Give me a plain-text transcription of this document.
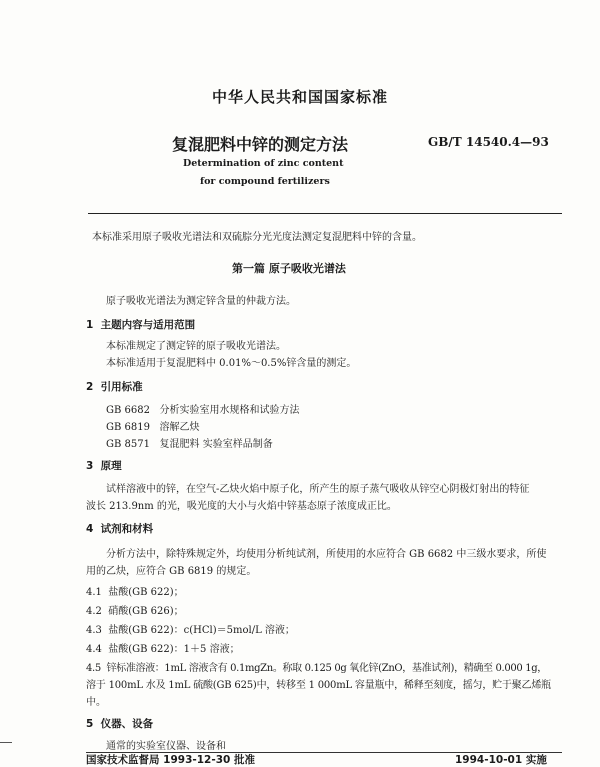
中华人民共和国国家标准
复混肥料中锌的测定方法	GB/T 14540.4—93
Determination of zinc content
for compound fertilizers
本标准采用原子吸收光谱法和双硫腙分光光度法测定复混肥料中锌的含量。
第一篇 原子吸收光谱法
原子吸收光谱法为测定锌含量的仲裁方法。
1 主题内容与适用范围
本标准规定了测定锌的原子吸收光谱法。
本标准适用于复混肥料中 0.01%～0.5%锌含量的测定。
2 引用标准
GB 6682 分析实验室用水规格和试验方法
GB 6819 溶解乙炔
GB 8571 复混肥料 实验室样品制备
3 原理
试样溶液中的锌，在空气-乙炔火焰中原子化，所产生的原子蒸气吸收从锌空心阴极灯射出的特征
波长 213.9nm 的光，吸光度的大小与火焰中锌基态原子浓度成正比。
4 试剂和材料
分析方法中，除特殊规定外，均使用分析纯试剂，所使用的水应符合 GB 6682 中三级水要求，所使
用的乙炔，应符合 GB 6819 的规定。
4.1 盐酸(GB 622)；
4.2 硝酸(GB 626)；
4.3 盐酸(GB 622)：c(HCl)＝5mol/L 溶液；
4.4 盐酸(GB 622)：1＋5 溶液；
4.5 锌标准溶液：1mL 溶液含有 0.1mgZn。称取 0.125 0g 氧化锌(ZnO，基准试剂)，精确至 0.000 1g，
溶于 100mL 水及 1mL 硫酸(GB 625)中，转移至 1 000mL 容量瓶中，稀释至刻度，摇匀，贮于聚乙烯瓶
中。
5 仪器、设备
通常的实验室仪器、设备和
国家技术监督局 1993-12-30 批准	1994-10-01 实施
